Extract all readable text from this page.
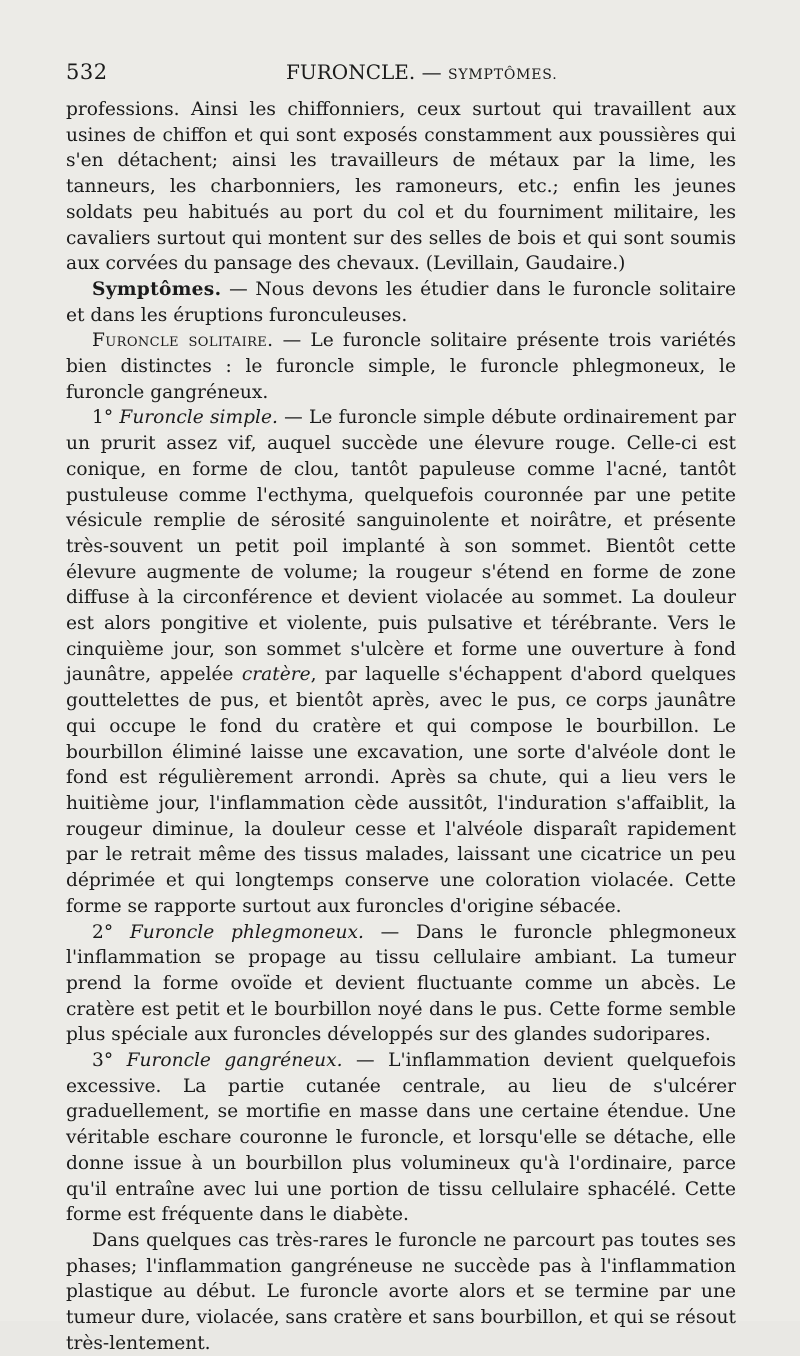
532	FURONCLE. — SYMPTÔMES.

professions. Ainsi les chiffonniers, ceux surtout qui travaillent aux usines de chiffon et qui sont exposés constamment aux poussières qui s'en détachent; ainsi les travailleurs de métaux par la lime, les tanneurs, les charbonniers, les ramoneurs, etc.; enfin les jeunes soldats peu habitués au port du col et du fourniment militaire, les cavaliers surtout qui montent sur des selles de bois et qui sont soumis aux corvées du pansage des chevaux. (Levillain, Gaudaire.)

Symptômes. — Nous devons les étudier dans le furoncle solitaire et dans les éruptions furonculeuses.

Furoncle solitaire. — Le furoncle solitaire présente trois variétés bien distinctes : le furoncle simple, le furoncle phlegmoneux, le furoncle gangréneux.

1° Furoncle simple. — Le furoncle simple débute ordinairement par un prurit assez vif, auquel succède une élevure rouge. Celle-ci est conique, en forme de clou, tantôt papuleuse comme l'acné, tantôt pustuleuse comme l'ecthyma, quelquefois couronnée par une petite vésicule remplie de sérosité sanguinolente et noirâtre, et présente très-souvent un petit poil implanté à son sommet. Bientôt cette élevure augmente de volume; la rougeur s'étend en forme de zone diffuse à la circonférence et devient violacée au sommet. La douleur est alors pongitive et violente, puis pulsative et térébrante. Vers le cinquième jour, son sommet s'ulcère et forme une ouverture à fond jaunâtre, appelée cratère, par laquelle s'échappent d'abord quelques gouttelettes de pus, et bientôt après, avec le pus, ce corps jaunâtre qui occupe le fond du cratère et qui compose le bourbillon. Le bourbillon éliminé laisse une excavation, une sorte d'alvéole dont le fond est régulièrement arrondi. Après sa chute, qui a lieu vers le huitième jour, l'inflammation cède aussitôt, l'induration s'affaiblit, la rougeur diminue, la douleur cesse et l'alvéole disparaît rapidement par le retrait même des tissus malades, laissant une cicatrice un peu déprimée et qui longtemps conserve une coloration violacée. Cette forme se rapporte surtout aux furoncles d'origine sébacée.

2° Furoncle phlegmoneux. — Dans le furoncle phlegmoneux l'inflammation se propage au tissu cellulaire ambiant. La tumeur prend la forme ovoïde et devient fluctuante comme un abcès. Le cratère est petit et le bourbillon noyé dans le pus. Cette forme semble plus spéciale aux furoncles développés sur des glandes sudoripares.

3° Furoncle gangréneux. — L'inflammation devient quelquefois excessive. La partie cutanée centrale, au lieu de s'ulcérer graduellement, se mortifie en masse dans une certaine étendue. Une véritable eschare couronne le furoncle, et lorsqu'elle se détache, elle donne issue à un bourbillon plus volumineux qu'à l'ordinaire, parce qu'il entraîne avec lui une portion de tissu cellulaire sphacélé. Cette forme est fréquente dans le diabète.

Dans quelques cas très-rares le furoncle ne parcourt pas toutes ses phases; l'inflammation gangréneuse ne succède pas à l'inflammation plastique au début. Le furoncle avorte alors et se termine par une tumeur dure, violacée, sans cratère et sans bourbillon, et qui se résout très-lentement.
